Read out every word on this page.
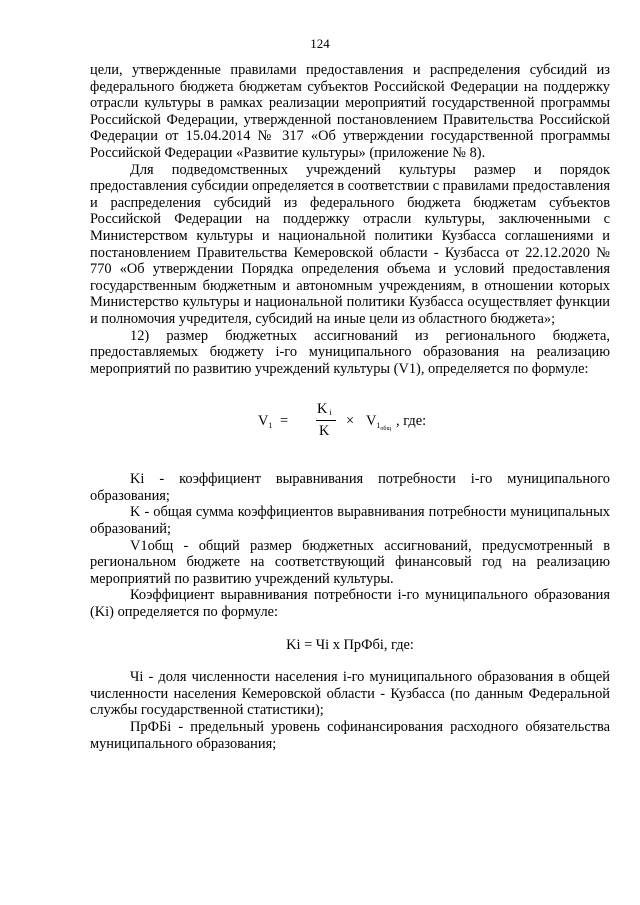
124

цели, утвержденные правилами предоставления и распределения субсидий из федерального бюджета бюджетам субъектов Российской Федерации на поддержку отрасли культуры в рамках реализации мероприятий государственной программы Российской Федерации, утвержденной постановлением Правительства Российской Федерации от 15.04.2014 № 317 «Об утверждении государственной программы Российской Федерации «Развитие культуры» (приложение № 8).

Для подведомственных учреждений культуры размер и порядок предоставления субсидии определяется в соответствии с правилами предоставления и распределения субсидий из федерального бюджета бюджетам субъектов Российской Федерации на поддержку отрасли культуры, заключенными с Министерством культуры и национальной политики Кузбасса соглашениями и постановлением Правительства Кемеровской области - Кузбасса от 22.12.2020 № 770 «Об утверждении Порядка определения объема и условий предоставления государственным бюджетным и автономным учреждениям, в отношении которых Министерство культуры и национальной политики Кузбасса осуществляет функции и полномочия учредителя, субсидий на иные цели из областного бюджета»;

12) размер бюджетных ассигнований из регионального бюджета, предоставляемых бюджету i-го муниципального образования на реализацию мероприятий по развитию учреждений культуры (V1), определяется по формуле:

$V_1$ =
Ki
K
× $V_{1общ}$ , где:

Ki - коэффициент выравнивания потребности i-го муниципального образования;

K - общая сумма коэффициентов выравнивания потребности муниципальных образований;

V1общ - общий размер бюджетных ассигнований, предусмотренный в региональном бюджете на соответствующий финансовый год на реализацию мероприятий по развитию учреждений культуры.

Коэффициент выравнивания потребности i-го муниципального образования (Ki) определяется по формуле:

Ki = Чi x ПрФбi, где:

Чi - доля численности населения i-го муниципального образования в общей численности населения Кемеровской области - Кузбасса (по данным Федеральной службы государственной статистики);

ПрФБi - предельный уровень софинансирования расходного обязательства муниципального образования;
